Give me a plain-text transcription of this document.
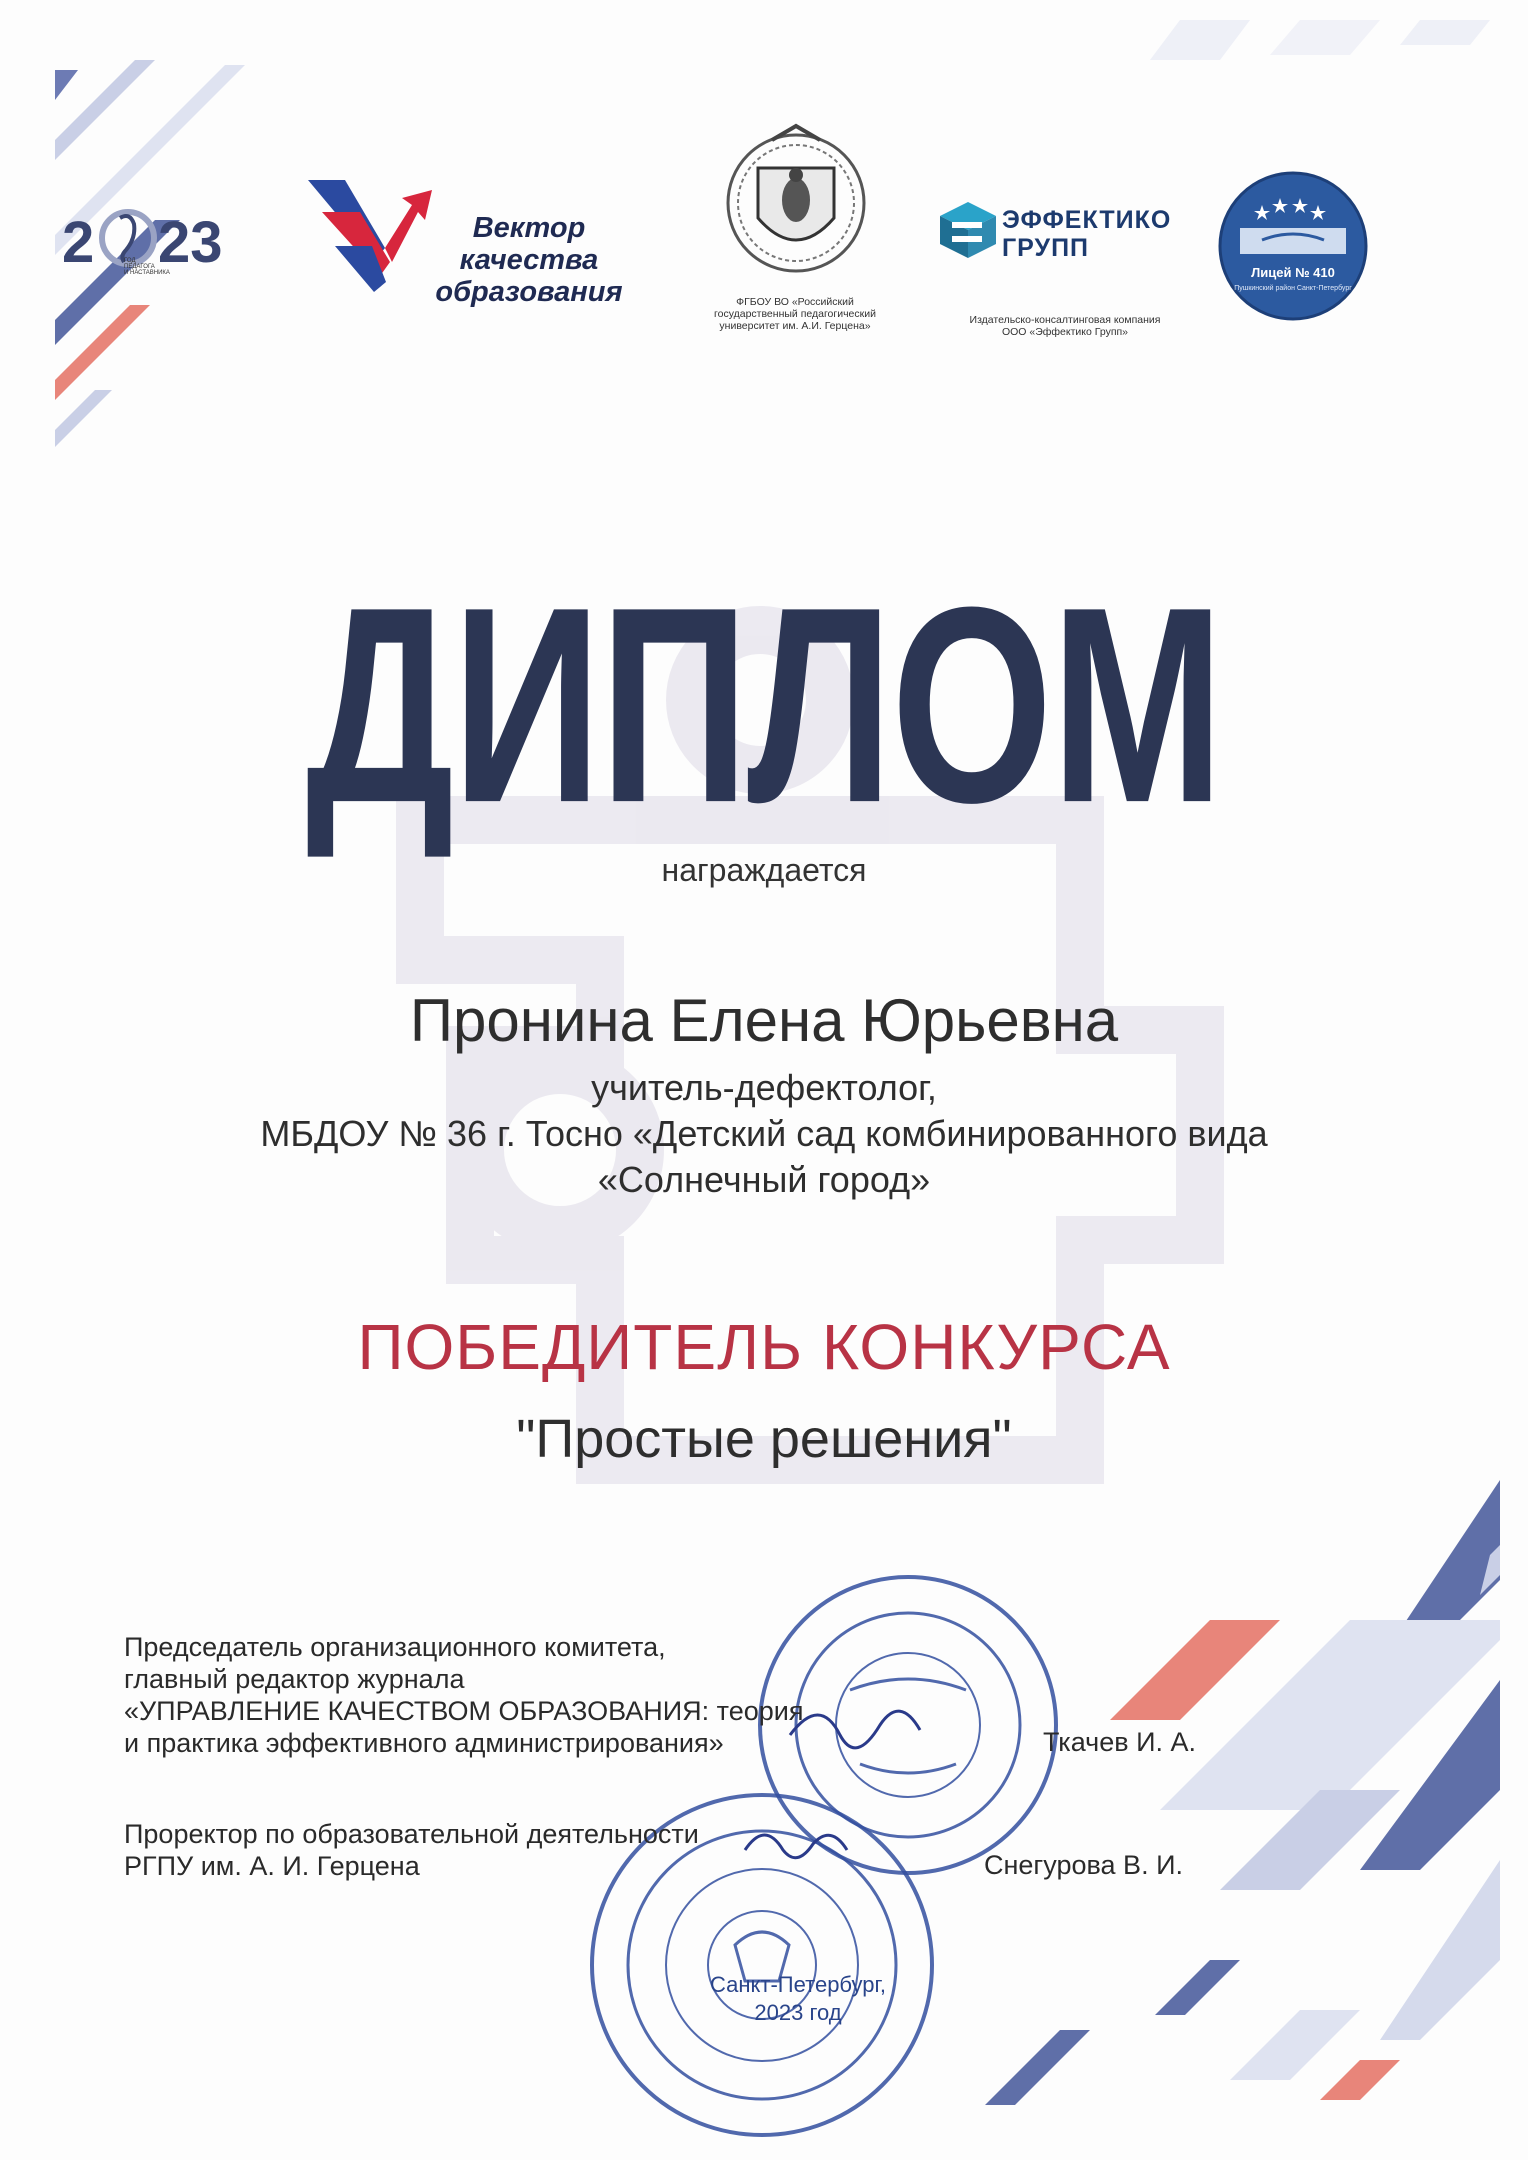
2 23
ГОД
ПЕДАГОГА
И НАСТАВНИКА
Вектор качества
образования	ФГБОУ ВО «Российский
государственный педагогический
университет им. А.И. Герцена»
ЭФФЕКТИКО
ГРУПП
Издательско-консалтинговая компания
ООО «Эффектико Групп»
Лицей № 410
Пушкинский район Санкт-Петербург
ДИПЛОМ
награждается
Пронина Елена Юрьевна
учитель-дефектолог,
МБДОУ № 36 г. Тосно «Детский сад комбинированного вида
«Солнечный город»
ПОБЕДИТЕЛЬ КОНКУРСА
"Простые решения"
Председатель организационного комитета,
главный редактор журнала
«УПРАВЛЕНИЕ КАЧЕСТВОМ ОБРАЗОВАНИЯ: теория
и практика эффективного администрирования»	Ткачев И. А.
Проректор по образовательной деятельности
РГПУ им. А. И. Герцена	Снегурова В. И.
Санкт-Петербург,
2023 год
